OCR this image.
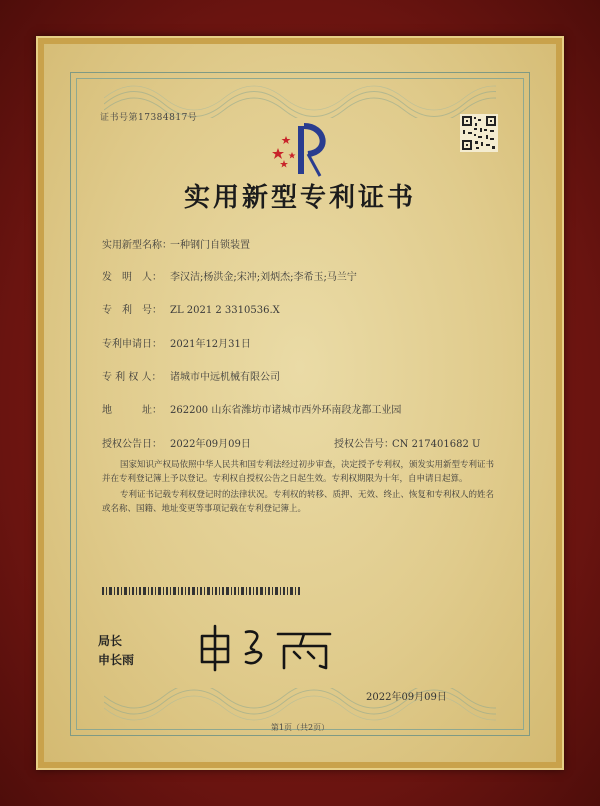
证书号第17384817号
实用新型专利证书
实用新型名称：一种钢门自锁装置
发　明　人： 李汉洁;杨洪金;宋冲;刘炳杰;李希玉;马兰宁
专　利　号： ZL 2021 2 3310536.X
专利申请日： 2021年12月31日
专 利 权 人： 诸城市中远机械有限公司
地　　　址： 262200 山东省潍坊市诸城市西外环南段龙都工业园
授权公告日： 2022年09月09日	授权公告号：CN 217401682 U

国家知识产权局依照中华人民共和国专利法经过初步审查，决定授予专利权，颁发实用新型专利证书并在专利登记簿上予以登记。专利权自授权公告之日起生效。专利权期限为十年，自申请日起算。

专利证书记载专利权登记时的法律状况。专利权的转移、质押、无效、终止、恢复和专利权人的姓名或名称、国籍、地址变更等事项记载在专利登记簿上。

局长
申长雨
2022年09月09日
第1页（共2页）
